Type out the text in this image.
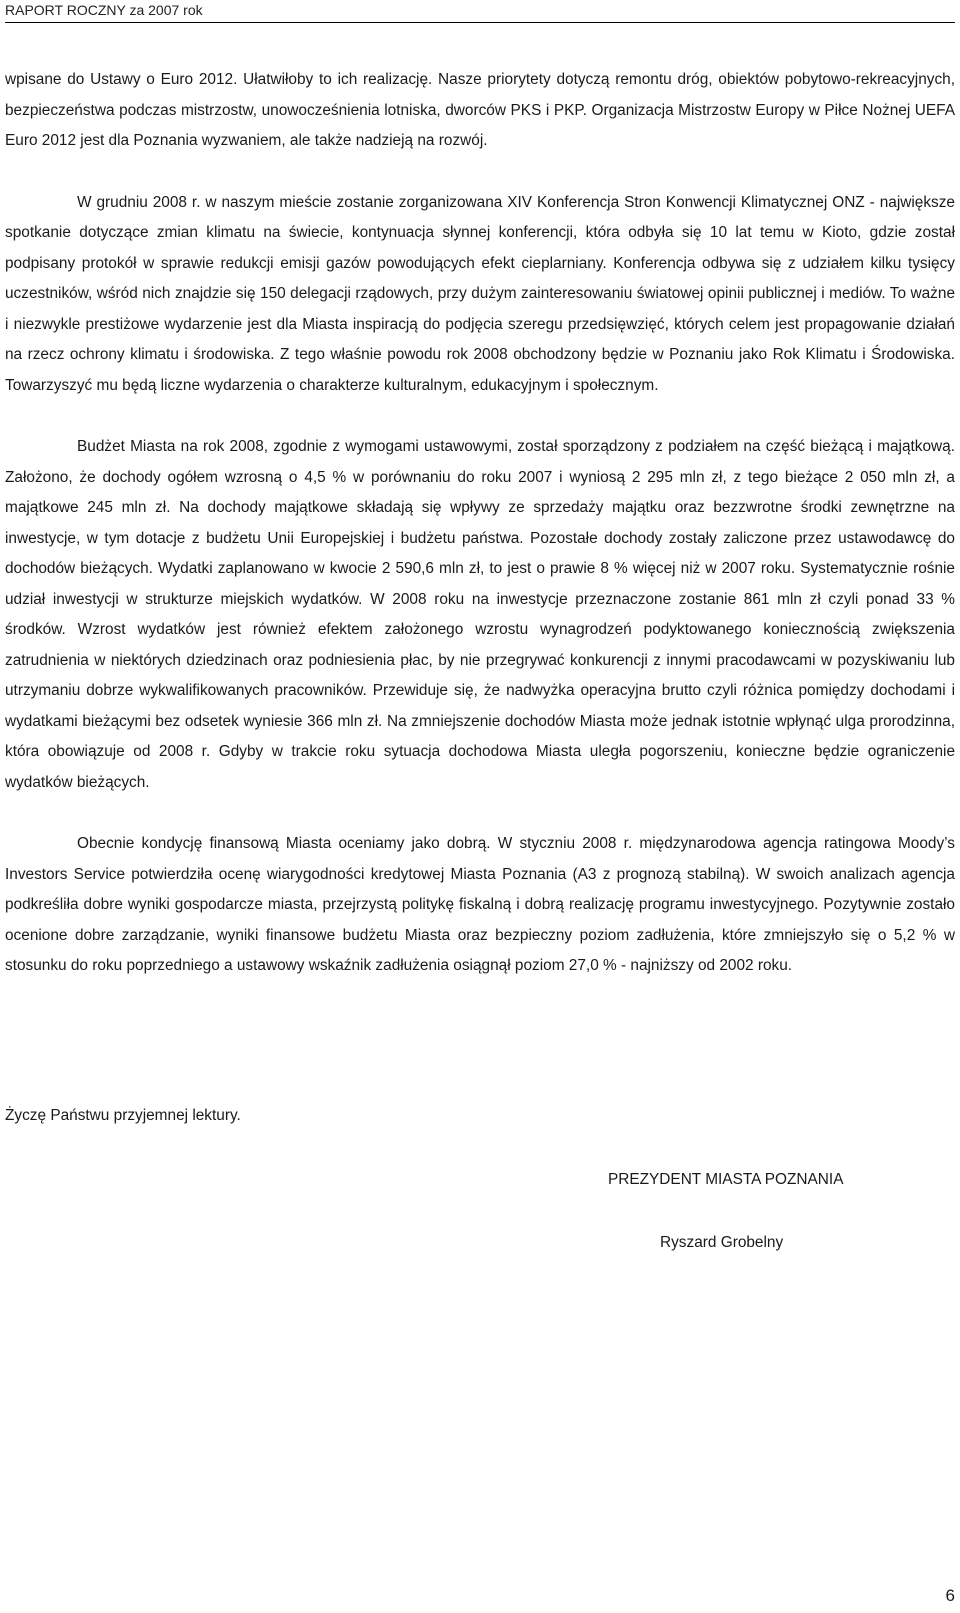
RAPORT ROCZNY za 2007 rok

wpisane do Ustawy o Euro 2012. Ułatwiłoby to ich realizację. Nasze priorytety dotyczą remontu dróg, obiektów pobytowo-rekreacyjnych, bezpieczeństwa podczas mistrzostw, unowocześnienia lotniska, dworców PKS i PKP. Organizacja Mistrzostw Europy w Piłce Nożnej UEFA Euro 2012 jest dla Poznania wyzwaniem, ale także nadzieją na rozwój.

W grudniu 2008 r. w naszym mieście zostanie zorganizowana XIV Konferencja Stron Konwencji Klimatycznej ONZ - największe spotkanie dotyczące zmian klimatu na świecie, kontynuacja słynnej konferencji, która odbyła się 10 lat temu w Kioto, gdzie został podpisany protokół w sprawie redukcji emisji gazów powodujących efekt cieplarniany. Konferencja odbywa się z udziałem kilku tysięcy uczestników, wśród nich znajdzie się 150 delegacji rządowych, przy dużym zainteresowaniu światowej opinii publicznej i mediów. To ważne i niezwykle prestiżowe wydarzenie jest dla Miasta inspiracją do podjęcia szeregu przedsięwzięć, których celem jest propagowanie działań na rzecz ochrony klimatu i środowiska. Z tego właśnie powodu rok 2008 obchodzony będzie w Poznaniu jako Rok Klimatu i Środowiska. Towarzyszyć mu będą liczne wydarzenia o charakterze kulturalnym, edukacyjnym i społecznym.

Budżet Miasta na rok 2008, zgodnie z wymogami ustawowymi, został sporządzony z podziałem na część bieżącą i majątkową. Założono, że dochody ogółem wzrosną o 4,5 % w porównaniu do roku 2007 i wyniosą 2 295 mln zł, z tego bieżące 2 050 mln zł, a majątkowe 245 mln zł. Na dochody majątkowe składają się wpływy ze sprzedaży majątku oraz bezzwrotne środki zewnętrzne na inwestycje, w tym dotacje z budżetu Unii Europejskiej i budżetu państwa. Pozostałe dochody zostały zaliczone przez ustawodawcę do dochodów bieżących. Wydatki zaplanowano w kwocie 2 590,6 mln zł, to jest o prawie 8 % więcej niż w 2007 roku. Systematycznie rośnie udział inwestycji w strukturze miejskich wydatków. W 2008 roku na inwestycje przeznaczone zostanie 861 mln zł czyli ponad 33 % środków. Wzrost wydatków jest również efektem założonego wzrostu wynagrodzeń podyktowanego koniecznością zwiększenia zatrudnienia w niektórych dziedzinach oraz podniesienia płac, by nie przegrywać konkurencji z innymi pracodawcami w pozyskiwaniu lub utrzymaniu dobrze wykwalifikowanych pracowników. Przewiduje się, że nadwyżka operacyjna brutto czyli różnica pomiędzy dochodami i wydatkami bieżącymi bez odsetek wyniesie 366 mln zł. Na zmniejszenie dochodów Miasta może jednak istotnie wpłynąć ulga prorodzinna, która obowiązuje od 2008 r. Gdyby w trakcie roku sytuacja dochodowa Miasta uległa pogorszeniu, konieczne będzie ograniczenie wydatków bieżących.

Obecnie kondycję finansową Miasta oceniamy jako dobrą. W styczniu 2008 r. międzynarodowa agencja ratingowa Moody’s Investors Service potwierdziła ocenę wiarygodności kredytowej Miasta Poznania (A3 z prognozą stabilną). W swoich analizach agencja podkreśliła dobre wyniki gospodarcze miasta, przejrzystą politykę fiskalną i dobrą realizację programu inwestycyjnego. Pozytywnie zostało ocenione dobre zarządzanie, wyniki finansowe budżetu Miasta oraz bezpieczny poziom zadłużenia, które zmniejszyło się o 5,2 % w stosunku do roku poprzedniego a ustawowy wskaźnik zadłużenia osiągnął poziom 27,0 % - najniższy od 2002 roku.

Życzę Państwu przyjemnej lektury.
PREZYDENT MIASTA POZNANIA
Ryszard Grobelny
6
